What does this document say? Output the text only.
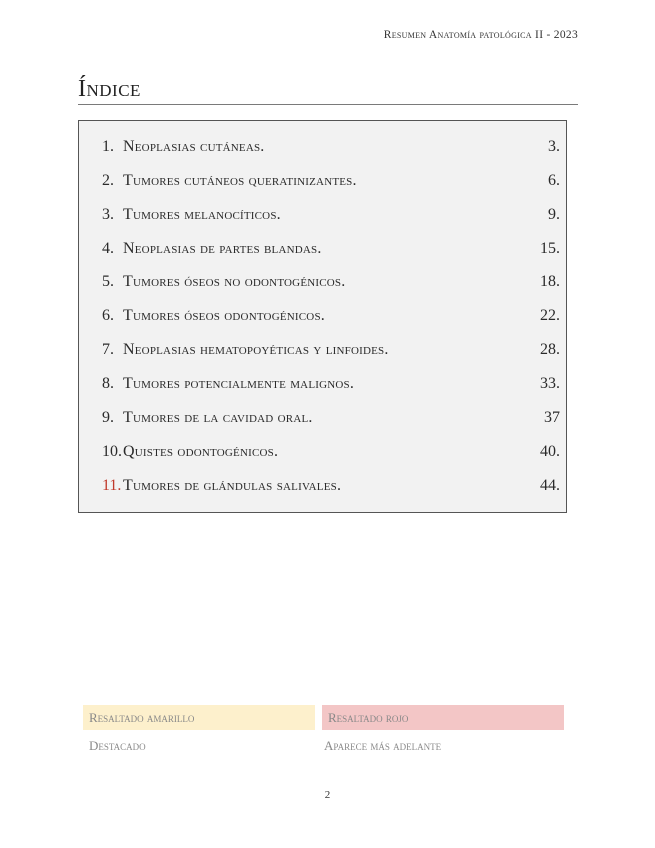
Resumen Anatomía patológica II - 2023
Índice
1. Neoplasias cutáneas.	3.
2. Tumores cutáneos queratinizantes.	6.
3. Tumores melanocíticos.	9.
4. Neoplasias de partes blandas.	15.
5. Tumores óseos no odontogénicos.	18.
6. Tumores óseos odontogénicos.	22.
7. Neoplasias hematopoyéticas y linfoides.	28.
8. Tumores potencialmente malignos.	33.
9. Tumores de la cavidad oral.	37
10. Quistes odontogénicos.	40.
11. Tumores de glándulas salivales.	44.
Resaltado amarillo	Resaltado rojo
Destacado	Aparece más adelante
2
